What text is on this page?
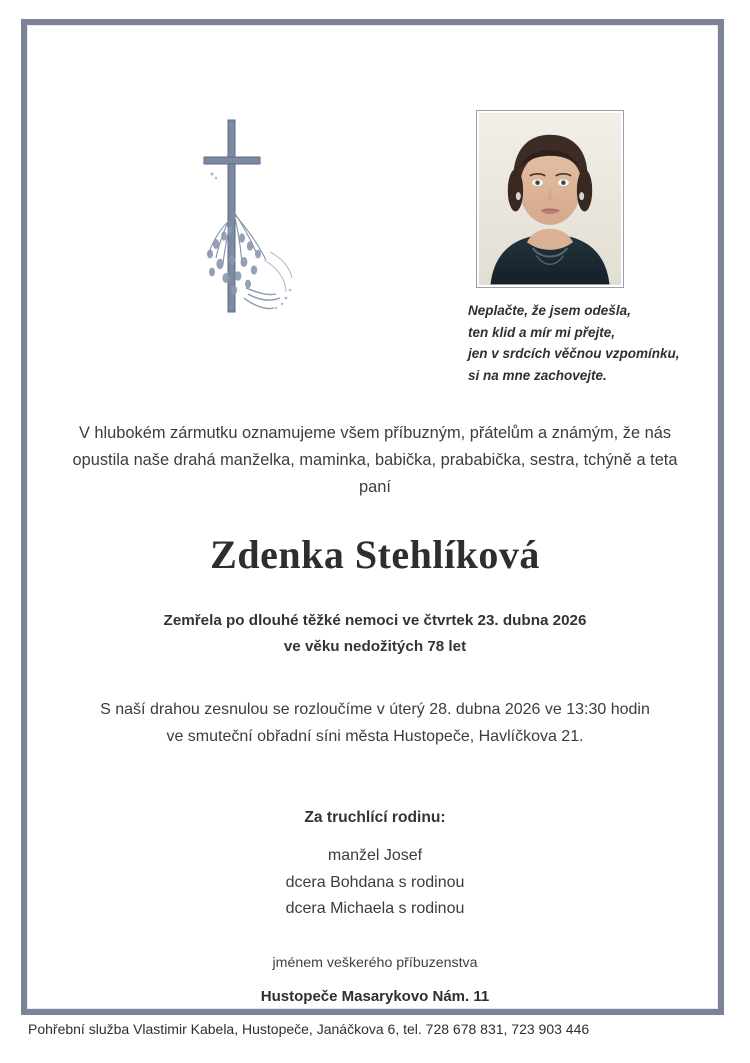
Neplačte, že jsem odešla,
ten klid a mír mi přejte,
jen v srdcích věčnou vzpomínku,
si na mne zachovejte.
V hlubokém zármutku oznamujeme všem příbuzným, přátelům a známým, že nás
opustila naše drahá manželka, maminka, babička, prababička, sestra, tchýně a teta
paní
Zdenka Stehlíková
Zemřela po dlouhé těžké nemoci ve čtvrtek 23. dubna 2026
ve věku nedožitých 78 let
S naší drahou zesnulou se rozloučíme v úterý 28. dubna 2026 ve 13:30 hodin
ve smuteční obřadní síni města Hustopeče, Havlíčkova 21.
Za truchlící rodinu:
manžel Josef
dcera Bohdana s rodinou
dcera Michaela s rodinou
jménem veškerého příbuzenstva
Hustopeče Masarykovo Nám. 11
Pohřební služba Vlastimir Kabela, Hustopeče, Janáčkova 6, tel. 728 678 831, 723 903 446
